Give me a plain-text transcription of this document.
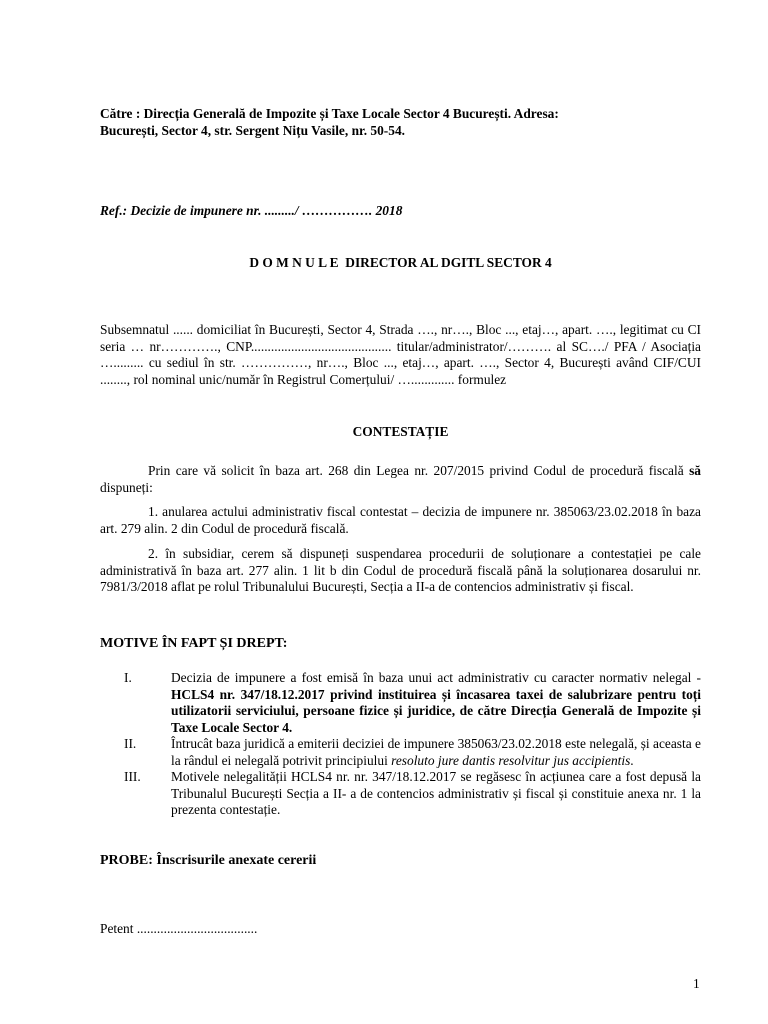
Către : Direcția Generală de Impozite și Taxe Locale Sector 4 București. Adresa:
București, Sector 4, str. Sergent Nițu Vasile, nr. 50-54.

Ref.: Decizie de impunere nr. ........./ ……………. 2018

D O M N U L E  DIRECTOR AL DGITL SECTOR 4

Subsemnatul ...... domiciliat în București, Sector 4, Strada …., nr…., Bloc ..., etaj…, apart. …., legitimat cu CI seria … nr…………., CNP.......................................... titular/administrator/………. al SC…./ PFA / Asociația …......... cu sediul în str. ……………, nr…., Bloc ..., etaj…, apart. …., Sector 4, București având CIF/CUI ........, rol nominal unic/număr în Registrul Comerțului/ …............. formulez

CONTESTAȚIE

Prin care vă solicit în baza art. 268 din Legea nr. 207/2015 privind Codul de procedură fiscală să dispuneți:

1. anularea actului administrativ fiscal contestat – decizia de impunere nr. 385063/23.02.2018 în baza art. 279 alin. 2 din Codul de procedură fiscală.

2. în subsidiar, cerem să dispuneți suspendarea procedurii de soluționare a contestației pe cale administrativă în baza art. 277 alin. 1 lit b din Codul de procedură fiscală până la soluționarea dosarului nr. 7981/3/2018 aflat pe rolul Tribunalului București, Secția a II-a de contencios administrativ și fiscal.

MOTIVE ÎN FAPT ȘI DREPT:

I.	Decizia de impunere a fost emisă în baza unui act administrativ cu caracter normativ nelegal - HCLS4 nr. 347/18.12.2017 privind instituirea și încasarea taxei de salubrizare pentru toți utilizatorii serviciului, persoane fizice și juridice, de către Direcția Generală de Impozite și Taxe Locale Sector 4.
II.	Întrucât baza juridică a emiterii deciziei de impunere 385063/23.02.2018 este nelegală, și aceasta e la rândul ei nelegală potrivit principiului resoluto jure dantis resolvitur jus accipientis.
III.	Motivele nelegalității HCLS4 nr. nr. 347/18.12.2017 se regăsesc în acțiunea care a fost depusă la Tribunalul București Secția a II- a de contencios administrativ și fiscal și constituie anexa nr. 1 la prezenta contestație.

PROBE: Înscrisurile anexate cererii

Petent ....................................

1
